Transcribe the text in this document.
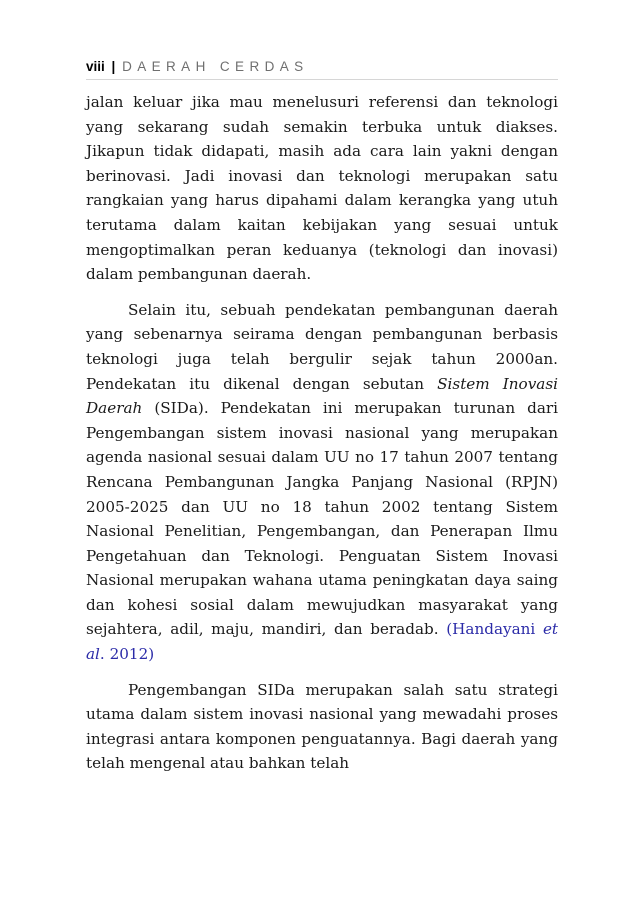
viii | DAERAH CERDAS

jalan keluar jika mau menelusuri referensi dan teknologi yang sekarang sudah semakin terbuka untuk diakses. Jikapun tidak didapati, masih ada cara lain yakni dengan berinovasi. Jadi inovasi dan teknologi merupakan satu rangkaian yang harus dipahami dalam kerangka yang utuh terutama dalam kaitan kebijakan yang sesuai untuk mengoptimalkan peran keduanya (teknologi dan inovasi) dalam pembangunan daerah.

Selain itu, sebuah pendekatan pembangunan daerah yang sebenarnya seirama dengan pembangunan berbasis teknologi juga telah bergulir sejak tahun 2000an. Pendekatan itu dikenal dengan sebutan Sistem Inovasi Daerah (SIDa). Pendekatan ini merupakan turunan dari Pengembangan sistem inovasi nasional yang merupakan agenda nasional sesuai dalam UU no 17 tahun 2007 tentang Rencana Pembangunan Jangka Panjang Nasional (RPJN) 2005-2025 dan UU no 18 tahun 2002 tentang Sistem Nasional Penelitian, Pengembangan, dan Penerapan Ilmu Pengetahuan dan Teknologi. Penguatan Sistem Inovasi Nasional merupakan wahana utama peningkatan daya saing dan kohesi sosial dalam mewujudkan masyarakat yang sejahtera, adil, maju, mandiri, dan beradab. (Handayani et al. 2012)

Pengembangan SIDa merupakan salah satu strategi utama dalam sistem inovasi nasional yang mewadahi proses integrasi antara komponen penguatannya. Bagi daerah yang telah mengenal atau bahkan telah
